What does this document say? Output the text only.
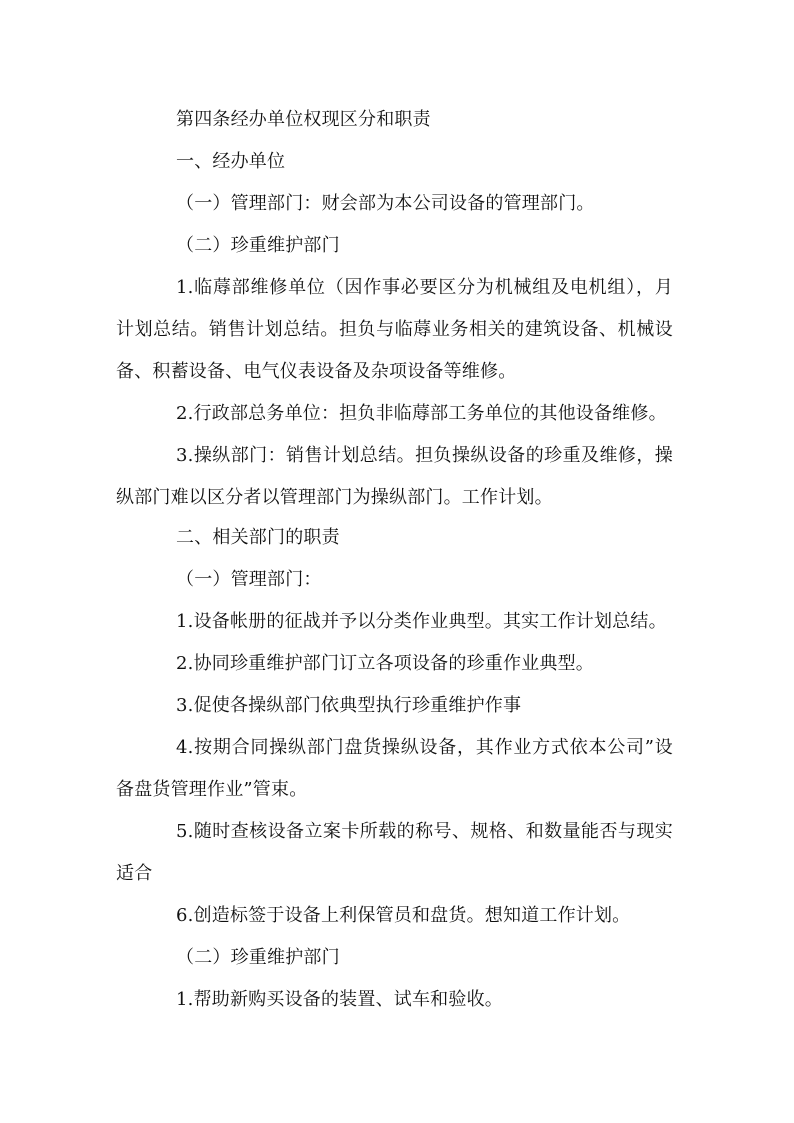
第四条经办单位权现区分和职责
一、经办单位
（一）管理部门：财会部为本公司设备的管理部门。
（二）珍重维护部门
1.临蓐部维修单位（因作事必要区分为机械组及电机组），月
计划总结。销售计划总结。担负与临蓐业务相关的建筑设备、机械设
备、积蓄设备、电气仪表设备及杂项设备等维修。
2.行政部总务单位：担负非临蓐部工务单位的其他设备维修。
3.操纵部门：销售计划总结。担负操纵设备的珍重及维修，操
纵部门难以区分者以管理部门为操纵部门。工作计划。
二、相关部门的职责
（一）管理部门：
1.设备帐册的征战并予以分类作业典型。其实工作计划总结。
2.协同珍重维护部门订立各项设备的珍重作业典型。
3.促使各操纵部门依典型执行珍重维护作事
4.按期合同操纵部门盘货操纵设备，其作业方式依本公司”设
备盘货管理作业”管束。
5.随时查核设备立案卡所载的称号、规格、和数量能否与现实
适合
6.创造标签于设备上利保管员和盘货。想知道工作计划。
（二）珍重维护部门
1.帮助新购买设备的装置、试车和验收。
